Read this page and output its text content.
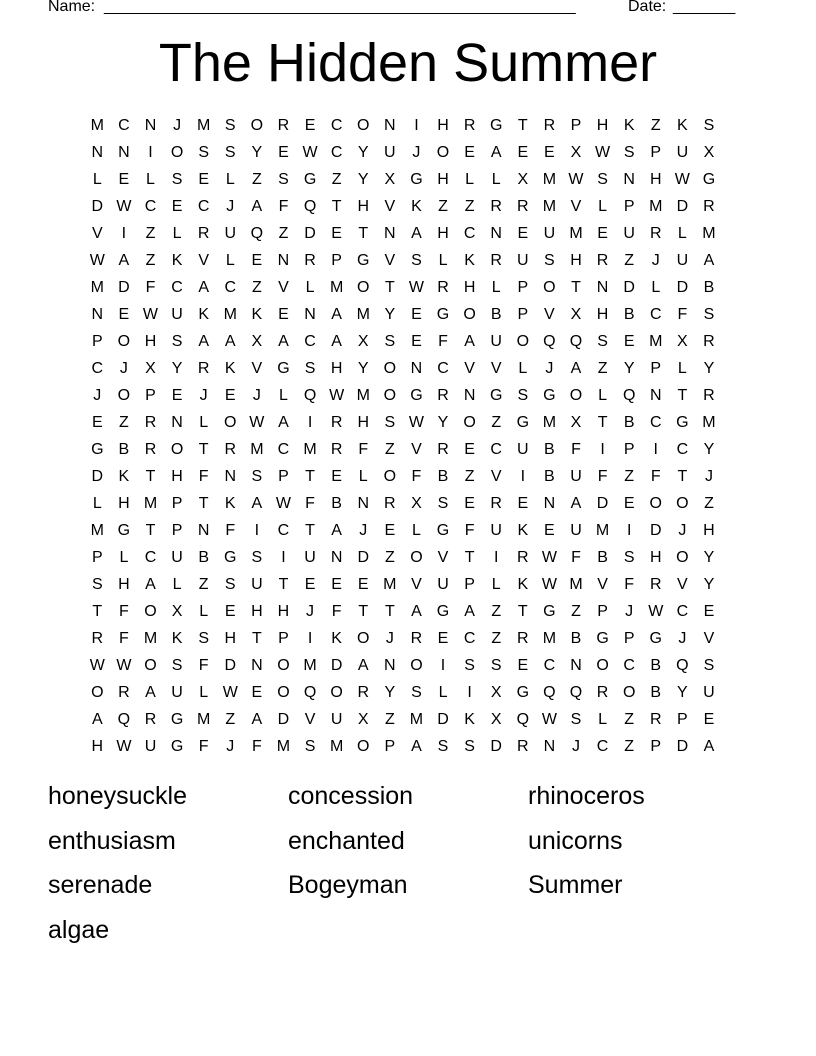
Name: _____________________________________________________	Date: _______
The Hidden Summer
M C N	J M S O R E C O N	I	H R G T R P H K	Z	K S
N N	I	O S S Y E W C Y U	J	O E A E E X W S P U X
L	E	L	S E	L	Z	S G Z	Y X G H	L	L	X M W S N H W G
D W C E C	J	A	F Q T H V K	Z	Z R R M V	L	P M D R
V	I	Z	L	R U Q Z D E	T N A H C N E U M E U R	L M
W A	Z	K V	L	E N R P G V S	L	K R U S H R Z	J	U A
M D F C A C Z	V	L M O T W R H	L	P O T N D	L	D B
N E W U K M K E N A M Y E G O B P V X H B C F	S
P O H S A A X A C A X S E	F	A U O Q Q S E M X R
C	J	X Y R K V G S H Y O N C V V	L	J	A	Z	Y P	L	Y
J	O P E	J	E	J	L Q W M O G R N G S G O L Q N T R
E	Z R N	L O W A	I	R H S W Y O Z G M X	T	B C G M
G B R O T R M C M R F	Z	V R E C U B	F	I	P	I	C Y
D K	T H F N S P	T	E	L O F	B	Z	V	I	B U F	Z	F	T	J
L	H M P	T	K A W F	B N R X S E R E N A D E O O Z
M G T	P N F	I	C T	A	J	E	L G F U K E U M	I	D	J	H
P	L	C U B G S	I	U N D Z O V	T	I	R W F	B S H O Y
S H A	L	Z	S U T	E E E M V U P	L	K W M V	F R V Y
T	F O X	L	E H H	J	F	T	T	A G A	Z	T G Z	P	J W C E
R F M K S H T	P	I	K O	J	R E C Z R M B G P G	J	V
W W O S	F D N O M D A N O	I	S S E C N O C B Q S
O R A U	L W E O Q O R Y S	L	I	X G Q Q R O B Y U
A Q R G M Z	A D V U X	Z M D K X Q W S	L	Z R P E
H W U G F	J	F M S M O P A S S D R N	J	C Z	P D A
honeysuckle	concession	rhinoceros
enthusiasm	enchanted	unicorns
serenade	Bogeyman	Summer
algae
